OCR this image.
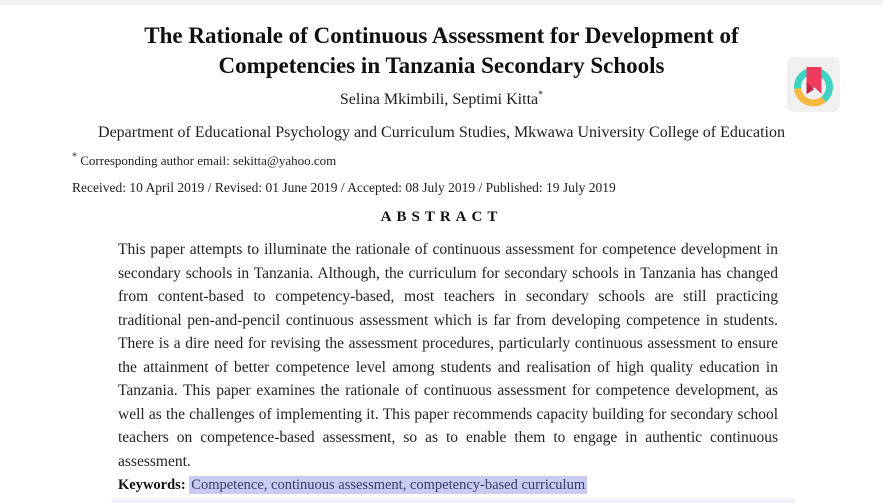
The Rationale of Continuous Assessment for Development of
Competencies in Tanzania Secondary Schools
Selina Mkimbili, Septimi Kitta*
Department of Educational Psychology and Curriculum Studies, Mkwawa University College of Education
* Corresponding author email: sekitta@yahoo.com
Received: 10 April 2019 / Revised: 01 June 2019 / Accepted: 08 July 2019 / Published: 19 July 2019
ABSTRACT

This paper attempts to illuminate the rationale of continuous assessment for competence development in secondary schools in Tanzania. Although, the curriculum for secondary schools in Tanzania has changed from content-based to competency-based, most teachers in secondary schools are still practicing traditional pen-and-pencil continuous assessment which is far from developing competence in students. There is a dire need for revising the assessment procedures, particularly continuous assessment to ensure the attainment of better competence level among students and realisation of high quality education in Tanzania. This paper examines the rationale of continuous assessment for competence development, as well as the challenges of implementing it. This paper recommends capacity building for secondary school teachers on competence-based assessment, so as to enable them to engage in authentic continuous assessment.

Keywords: Competence, continuous assessment, competency-based curriculum
